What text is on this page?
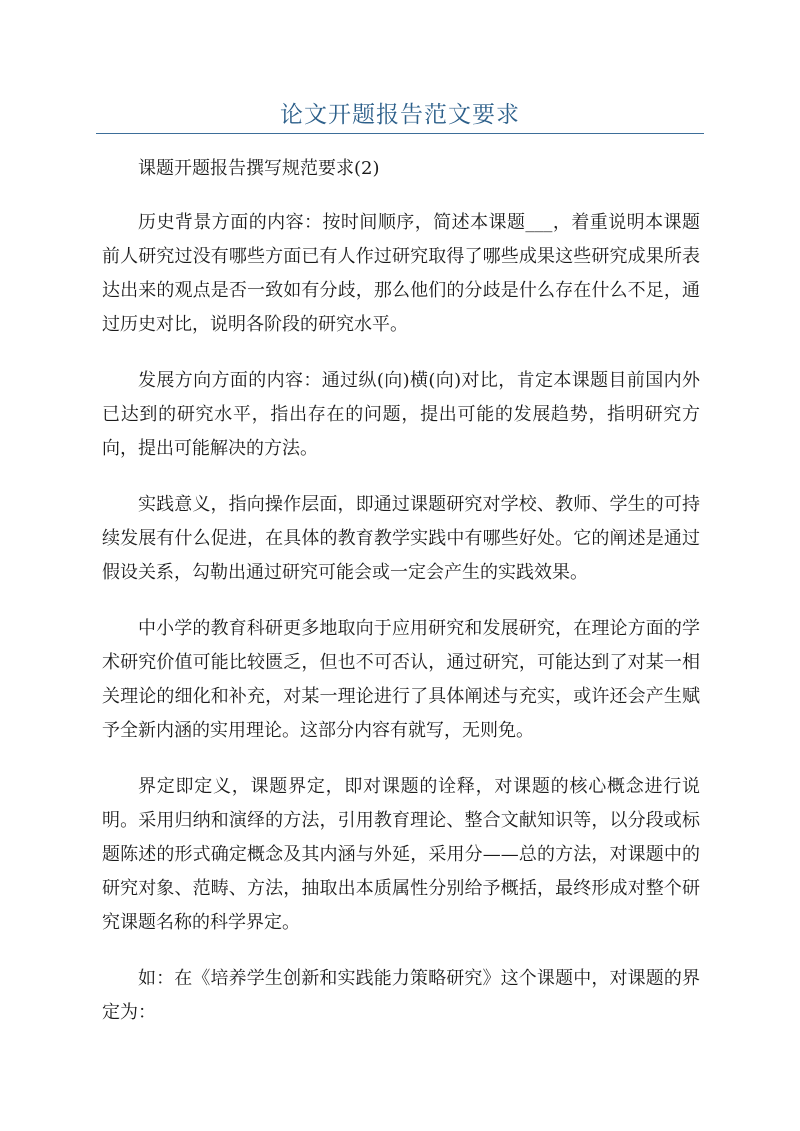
论文开题报告范文要求

课题开题报告撰写规范要求(2)

历史背景方面的内容：按时间顺序，简述本课题___，着重说明本课题前人研究过没有哪些方面已有人作过研究取得了哪些成果这些研究成果所表达出来的观点是否一致如有分歧，那么他们的分歧是什么存在什么不足，通过历史对比，说明各阶段的研究水平。

发展方向方面的内容：通过纵(向)横(向)对比，肯定本课题目前国内外已达到的研究水平，指出存在的问题，提出可能的发展趋势，指明研究方向，提出可能解决的方法。

实践意义，指向操作层面，即通过课题研究对学校、教师、学生的可持续发展有什么促进，在具体的教育教学实践中有哪些好处。它的阐述是通过假设关系，勾勒出通过研究可能会或一定会产生的实践效果。

中小学的教育科研更多地取向于应用研究和发展研究，在理论方面的学术研究价值可能比较匮乏，但也不可否认，通过研究，可能达到了对某一相关理论的细化和补充，对某一理论进行了具体阐述与充实，或许还会产生赋予全新内涵的实用理论。这部分内容有就写，无则免。

界定即定义，课题界定，即对课题的诠释，对课题的核心概念进行说明。采用归纳和演绎的方法，引用教育理论、整合文献知识等，以分段或标题陈述的形式确定概念及其内涵与外延，采用分——总的方法，对课题中的研究对象、范畴、方法，抽取出本质属性分别给予概括，最终形成对整个研究课题名称的科学界定。

如：在《培养学生创新和实践能力策略研究》这个课题中，对课题的界定为：
